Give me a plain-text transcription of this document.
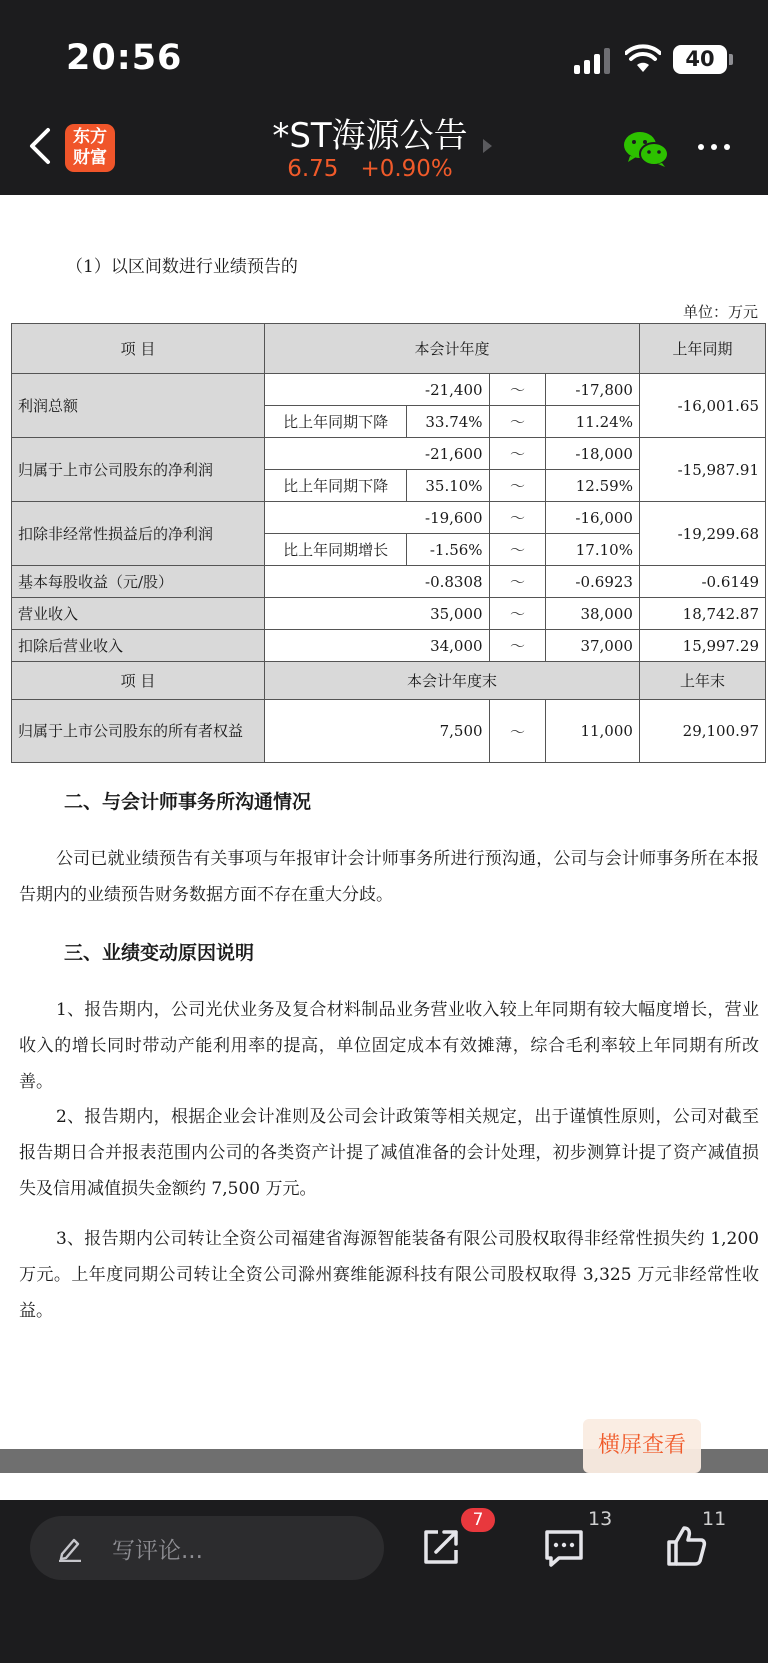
20:56	40
东方
财富
*ST海源公告
6.75 +0.90%
（1）以区间数进行业绩预告的
单位：万元
项 目	本会计年度				上年同期
利润总额	-21,400		～	-17,800	-16,001.65
	比上年同期下降	33.74%	～	11.24%	
归属于上市公司股东的净利润	-21,600		～	-18,000	-15,987.91
	比上年同期下降	35.10%	～	12.59%	
扣除非经常性损益后的净利润	-19,600		～	-16,000	-19,299.68
	比上年同期增长	-1.56%	～	17.10%	
基本每股收益（元/股）	-0.8308		～	-0.6923	-0.6149
营业收入	35,000		～	38,000	18,742.87
扣除后营业收入	34,000		～	37,000	15,997.29
项 目	本会计年度末				上年末
归属于上市公司股东的所有者权益	7,500		～	11,000	29,100.97
二、与会计师事务所沟通情况

公司已就业绩预告有关事项与年报审计会计师事务所进行预沟通，公司与会计师事务所在本报告期内的业绩预告财务数据方面不存在重大分歧。

三、业绩变动原因说明

1、报告期内，公司光伏业务及复合材料制品业务营业收入较上年同期有较大幅度增长，营业收入的增长同时带动产能利用率的提高，单位固定成本有效摊薄，综合毛利率较上年同期有所改善。

2、报告期内，根据企业会计准则及公司会计政策等相关规定，出于谨慎性原则，公司对截至报告期日合并报表范围内公司的各类资产计提了减值准备的会计处理，初步测算计提了资产减值损失及信用减值损失金额约 7,500 万元。

3、报告期内公司转让全资公司福建省海源智能装备有限公司股权取得非经常性损失约 1,200 万元。上年度同期公司转让全资公司滁州赛维能源科技有限公司股权取得 3,325 万元非经常性收益。

横屏查看
写评论...
7	13	11
